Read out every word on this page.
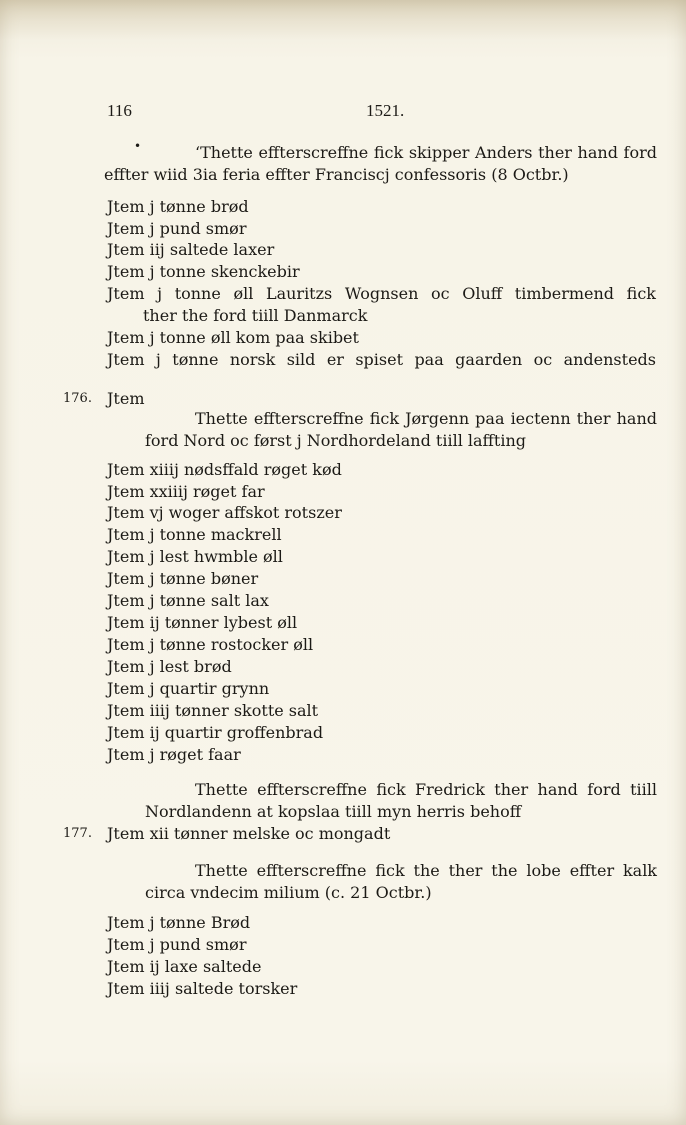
116	1521.
•	‘Thette effterscreffne fick skipper Anders ther hand ford
effter wiid 3ia feria effter Franciscj confessoris (8 Octbr.)
Jtem j tønne brød
Jtem j pund smør
Jtem iij saltede laxer
Jtem j tonne skenckebir
Jtem j tonne øll Lauritzs Wognsen oc Oluff timbermend fick
ther the ford tiill Danmarck
Jtem j tonne øll kom paa skibet
Jtem j tønne norsk sild er spiset paa gaarden oc andensteds
176. Jtem
Thette effterscreffne fick Jørgenn paa iectenn ther hand
ford Nord oc først j Nordhordeland tiill laffting
Jtem xiiij nødsffald røget kød
Jtem xxiiij røget far
Jtem vj woger affskot rotszer
Jtem j tonne mackrell
Jtem j lest hwmble øll
Jtem j tønne bøner
Jtem j tønne salt lax
Jtem ij tønner lybest øll
Jtem j tønne rostocker øll
Jtem j lest brød
Jtem j quartir grynn
Jtem iiij tønner skotte salt
Jtem ij quartir groffenbrad
Jtem j røget faar
Thette effterscreffne fick Fredrick ther hand ford tiill
Nordlandenn at kopslaa tiill myn herris behoff
177. Jtem xii tønner melske oc mongadt
Thette effterscreffne fick the ther the lobe effter kalk
circa vndecim milium (c. 21 Octbr.)
Jtem j tønne Brød
Jtem j pund smør
Jtem ij laxe saltede
Jtem iiij saltede torsker
